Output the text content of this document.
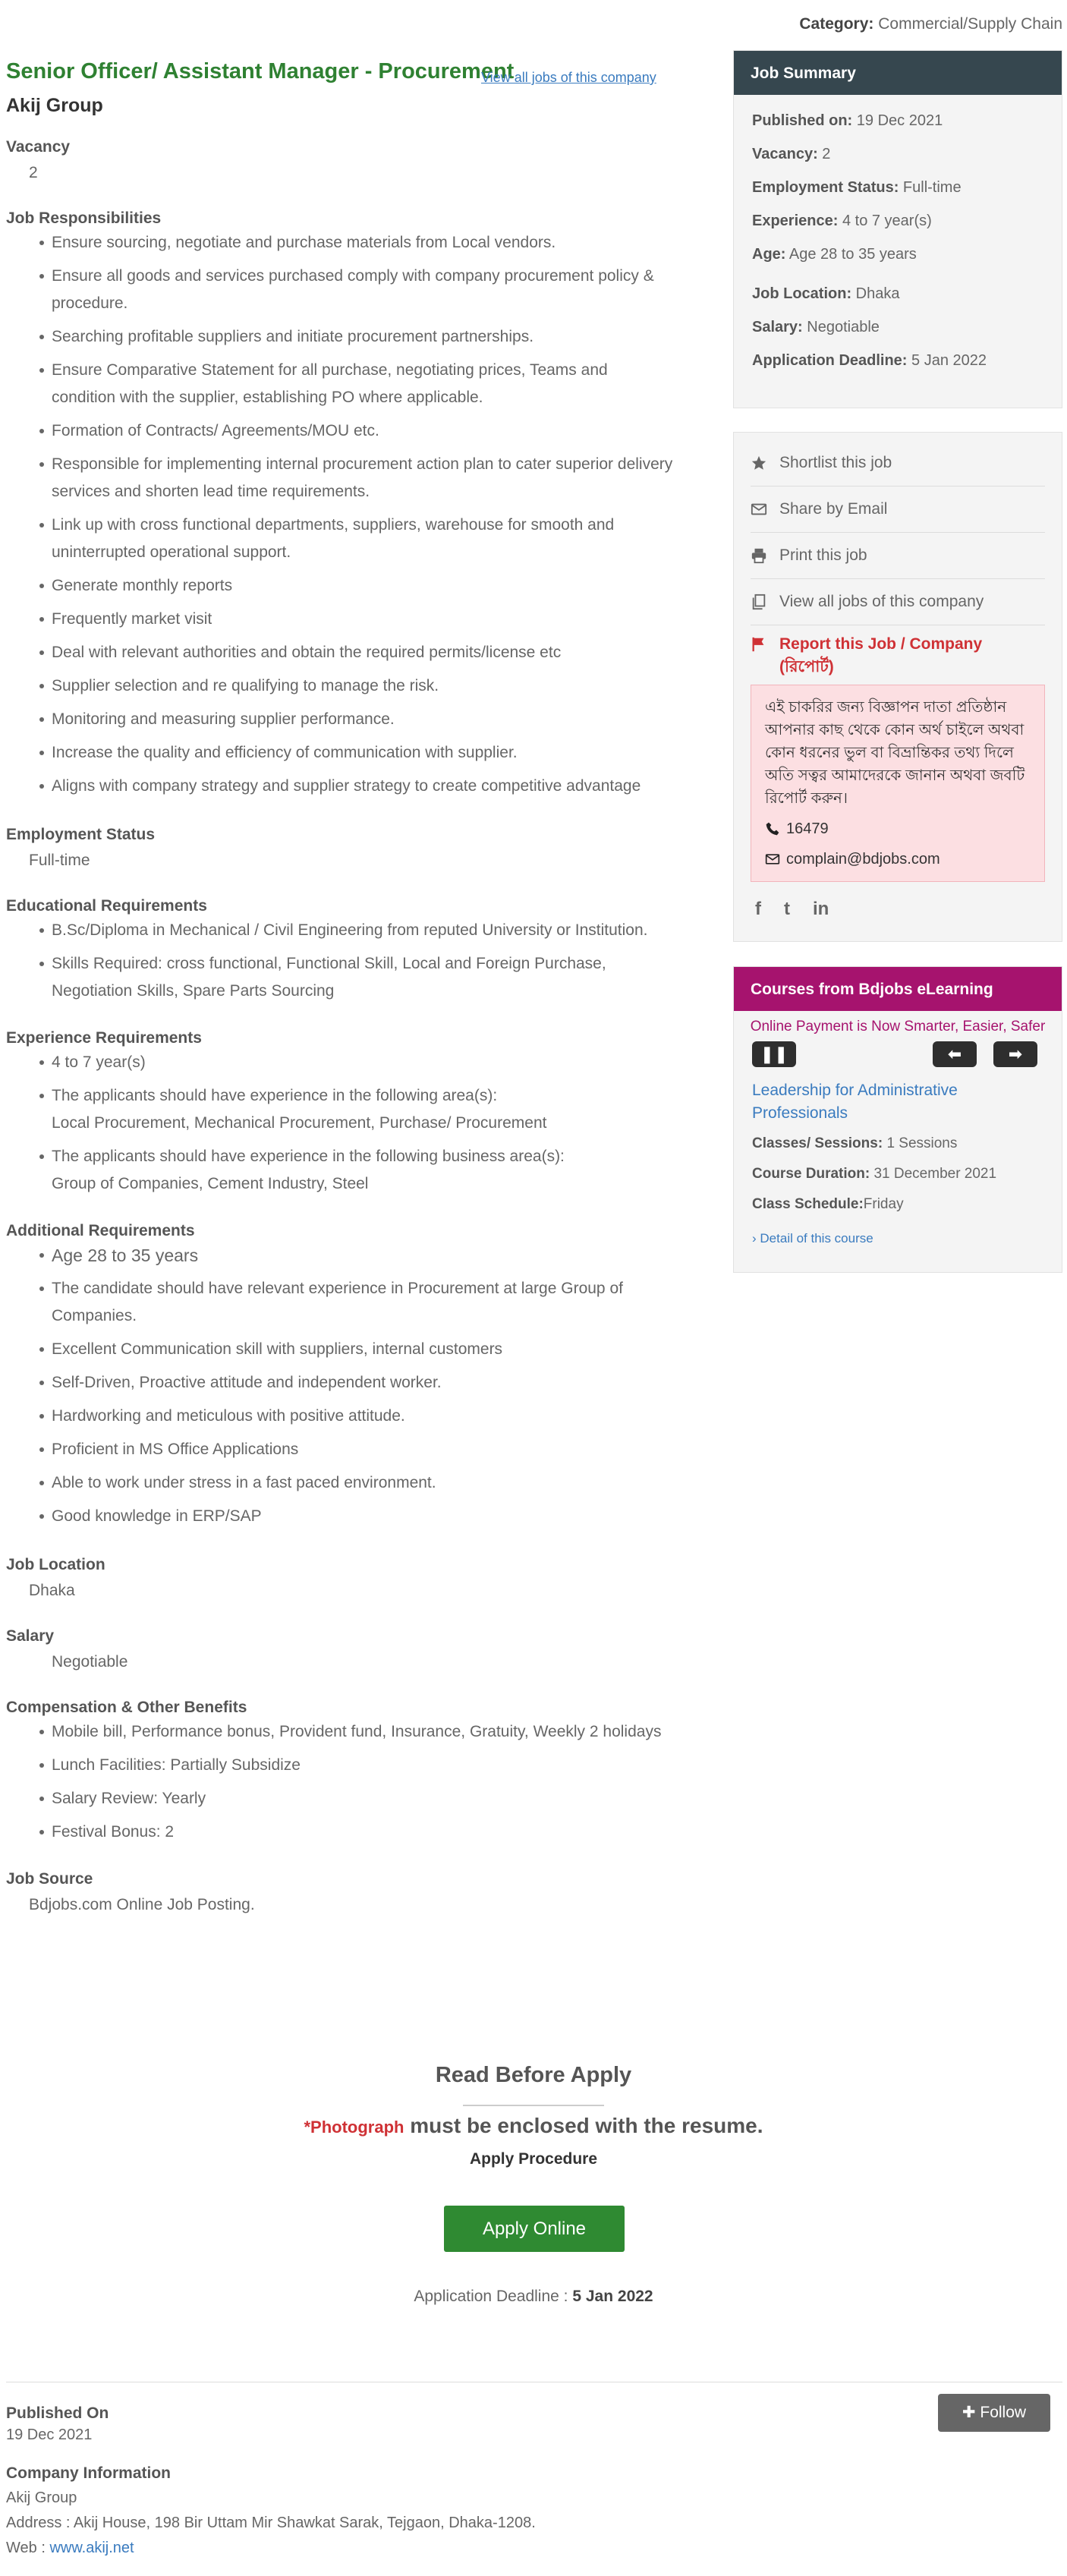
Category: Commercial/Supply Chain
Senior Officer/ Assistant Manager - Procurement
Akij Group
Vacancy
2
Job Responsibilities
Ensure sourcing, negotiate and purchase materials from Local vendors.
Ensure all goods and services purchased comply with company procurement policy & procedure.
Searching profitable suppliers and initiate procurement partnerships.
Ensure Comparative Statement for all purchase, negotiating prices, Teams and condition with the supplier, establishing PO where applicable.
Formation of Contracts/ Agreements/MOU etc.
Responsible for implementing internal procurement action plan to cater superior delivery services and shorten lead time requirements.
Link up with cross functional departments, suppliers, warehouse for smooth and uninterrupted operational support.
Generate monthly reports
Frequently market visit
Deal with relevant authorities and obtain the required permits/license etc
Supplier selection and re qualifying to manage the risk.
Monitoring and measuring supplier performance.
Increase the quality and efficiency of communication with supplier.
Aligns with company strategy and supplier strategy to create competitive advantage
Employment Status
Full-time
Educational Requirements
B.Sc/Diploma in Mechanical / Civil Engineering from reputed University or Institution.
Skills Required: cross functional, Functional Skill, Local and Foreign Purchase, Negotiation Skills, Spare Parts Sourcing
Experience Requirements
4 to 7 year(s)
The applicants should have experience in the following area(s):
Local Procurement, Mechanical Procurement, Purchase/ Procurement
The applicants should have experience in the following business area(s):
Group of Companies, Cement Industry, Steel
Additional Requirements
Age 28 to 35 years
The candidate should have relevant experience in Procurement at large Group of Companies.
Excellent Communication skill with suppliers, internal customers
Self-Driven, Proactive attitude and independent worker.
Hardworking and meticulous with positive attitude.
Proficient in MS Office Applications
Able to work under stress in a fast paced environment.
Good knowledge in ERP/SAP
Job Location
Dhaka
Salary
Negotiable
Compensation & Other Benefits
Mobile bill, Performance bonus, Provident fund, Insurance, Gratuity, Weekly 2 holidays
Lunch Facilities: Partially Subsidize
Salary Review: Yearly
Festival Bonus: 2
Job Source
Bdjobs.com Online Job Posting.
View all jobs of this company	Job Summary
Published on: 19 Dec 2021
Vacancy: 2
Employment Status: Full-time
Experience: 4 to 7 year(s)
Age: Age 28 to 35 years
Job Location: Dhaka
Salary: Negotiable
Application Deadline: 5 Jan 2022
Shortlist this job
Share by Email
Print this job
View all jobs of this company
Report this Job / Company
(রিপোর্ট)
এই চাকরির জন্য বিজ্ঞাপন দাতা প্রতিষ্ঠান আপনার কাছ থেকে কোন অর্থ চাইলে অথবা কোন ধরনের ভুল বা বিভ্রান্তিকর তথ্য দিলে অতি সত্বর আমাদেরকে জানান অথবা জবটি রিপোর্ট করুন।
16479
complain@bdjobs.com
f t in
Courses from Bdjobs eLearning
Online Payment is Now Smarter, Easier, Safer
❚❚	⬅	➡
Leadership for Administrative Professionals
Classes/ Sessions: 1 Sessions
Course Duration: 31 December 2021
Class Schedule:Friday
› Detail of this course
Read Before Apply
*Photograph must be enclosed with the resume.
Apply Procedure
Apply Online
Application Deadline : 5 Jan 2022
✚ Follow
Published On
19 Dec 2021
Company Information
Akij Group
Address : Akij House, 198 Bir Uttam Mir Shawkat Sarak, Tejgaon, Dhaka-1208.
Web : www.akij.net
